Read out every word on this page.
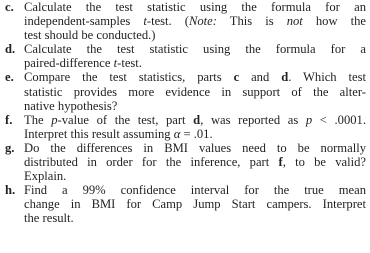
c. Calculate the test statistic using the formula for an
independent-samples t-test. (Note: This is not how the
test should be conducted.)
d. Calculate the test statistic using the formula for a
paired-difference t-test.
e. Compare the test statistics, parts c and d. Which test
statistic provides more evidence in support of the alter-
native hypothesis?
f. The p-value of the test, part d, was reported as p < .0001.
Interpret this result assuming α = .01.
g. Do the differences in BMI values need to be normally
distributed in order for the inference, part f, to be valid?
Explain.
h. Find a 99% confidence interval for the true mean
change in BMI for Camp Jump Start campers. Interpret
the result.
